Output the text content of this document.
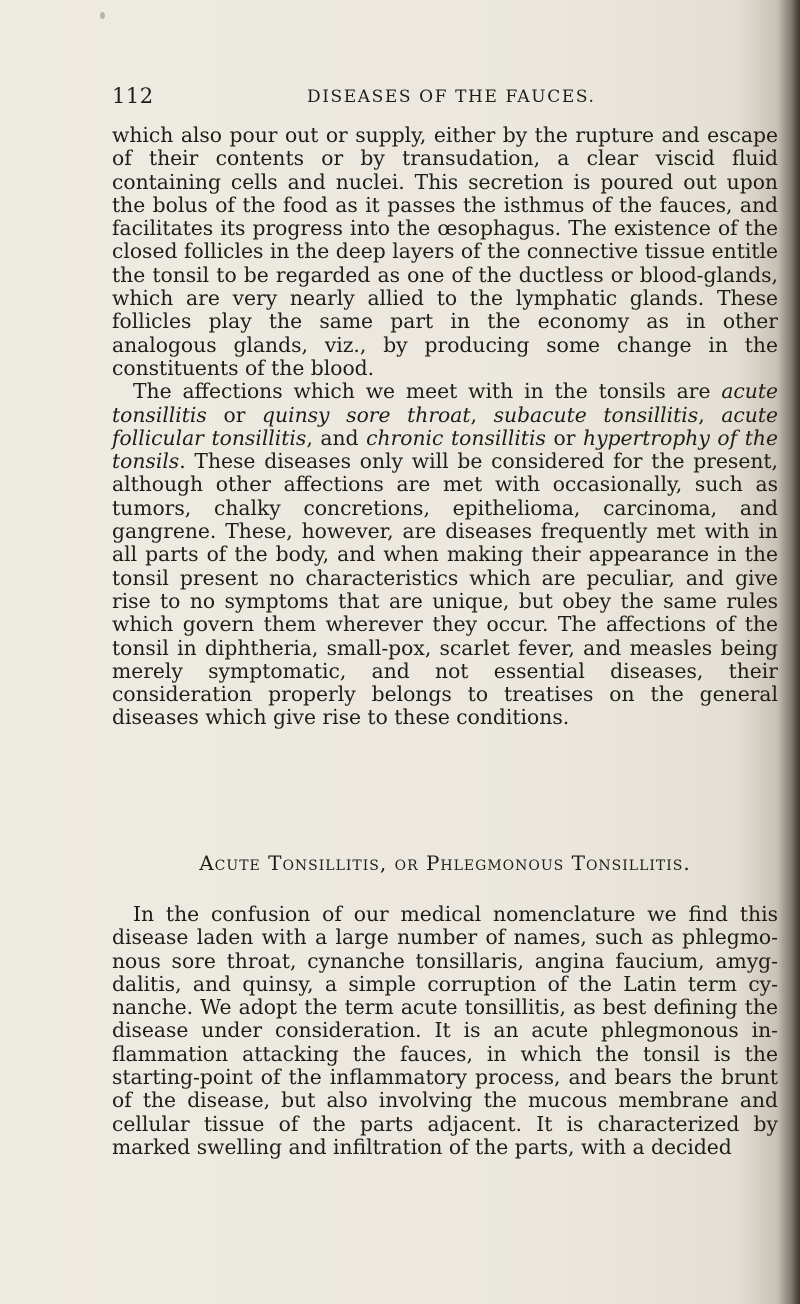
112	DISEASES OF THE FAUCES.

which also pour out or supply, either by the rupture and escape of their contents or by transudation, a clear viscid fluid containing cells and nuclei. This secretion is poured out upon the bolus of the food as it passes the isthmus of the fauces, and facilitates its progress into the œsophagus. The existence of the closed follicles in the deep layers of the connective tissue entitle the tonsil to be regarded as one of the ductless or blood-glands, which are very nearly allied to the lymphatic glands. These follicles play the same part in the economy as in other analogous glands, viz., by producing some change in the constituents of the blood.

The affections which we meet with in the tonsils are acute tonsillitis or quinsy sore throat, subacute tonsillitis, acute follicular tonsillitis, and chronic tonsillitis or hypertrophy of the tonsils. These diseases only will be considered for the present, although other affections are met with occasionally, such as tumors, chalky concretions, epithelioma, carcinoma, and gangrene. These, however, are diseases frequently met with in all parts of the body, and when making their appearance in the tonsil present no characteristics which are peculiar, and give rise to no symptoms that are unique, but obey the same rules which govern them wherever they occur. The affections of the tonsil in diphtheria, small-pox, scarlet fever, and measles being merely symptomatic, and not essential diseases, their consideration properly belongs to treatises on the general diseases which give rise to these conditions.

Acute Tonsillitis, or Phlegmonous Tonsillitis.

In the confusion of our medical nomenclature we find this disease laden with a large number of names, such as phlegmonous sore throat, cynanche tonsillaris, angina faucium, amygdalitis, and quinsy, a simple corruption of the Latin term cynanche. We adopt the term acute tonsillitis, as best defining the disease under consideration. It is an acute phlegmonous inflammation attacking the fauces, in which the tonsil is the starting-point of the inflammatory process, and bears the brunt of the disease, but also involving the mucous membrane and cellular tissue of the parts adjacent. It is characterized by marked swelling and infiltration of the parts, with a decided
